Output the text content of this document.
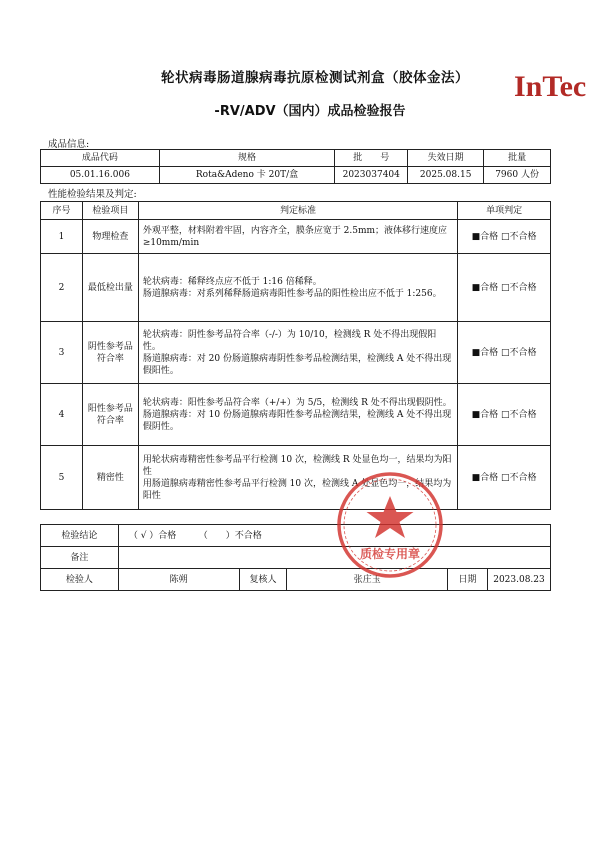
轮状病毒肠道腺病毒抗原检测试剂盒（胶体金法）
-RV/ADV（国内）成品检验报告
InTec
成品信息:
成品代码	规格	批　　号	失效日期	批量
05.01.16.006	Rota&Adeno 卡 20T/盒	2023037404	2025.08.15	7960 人份
性能检验结果及判定:
序号	检验项目	判定标准	单项判定
1	物理检查	外观平整，材料附着牢固，内容齐全，膜条应宽于 2.5mm；液体移行速度应≥10mm/min	■合格 □不合格
2	最低检出量	轮状病毒：稀释终点应不低于 1:16 倍稀释。
肠道腺病毒：对系列稀释肠道病毒阳性参考品的阳性检出应不低于 1:256。	■合格 □不合格
3	阴性参考品符合率	轮状病毒：阴性参考品符合率（-/-）为 10/10，检测线 R 处不得出现假阳性。
肠道腺病毒：对 20 份肠道腺病毒阴性参考品检测结果，检测线 A 处不得出现假阳性。	■合格 □不合格
4	阳性参考品符合率	轮状病毒：阳性参考品符合率（+/+）为 5/5，检测线 R 处不得出现假阴性。
肠道腺病毒：对 10 份肠道腺病毒阳性参考品检测结果，检测线 A 处不得出现假阴性。	■合格 □不合格
5	精密性	用轮状病毒精密性参考品平行检测 10 次，检测线 R 处显色均一，结果均为阳性
用肠道腺病毒精密性参考品平行检测 10 次，检测线 A 处显色均一，结果均为阳性	■合格 □不合格
检验结论	（ √ ）合格　　　（　　）不合格				
备注					
检验人	陈朔	复核人	张庄玉	日期	2023.08.23
质检专用章
